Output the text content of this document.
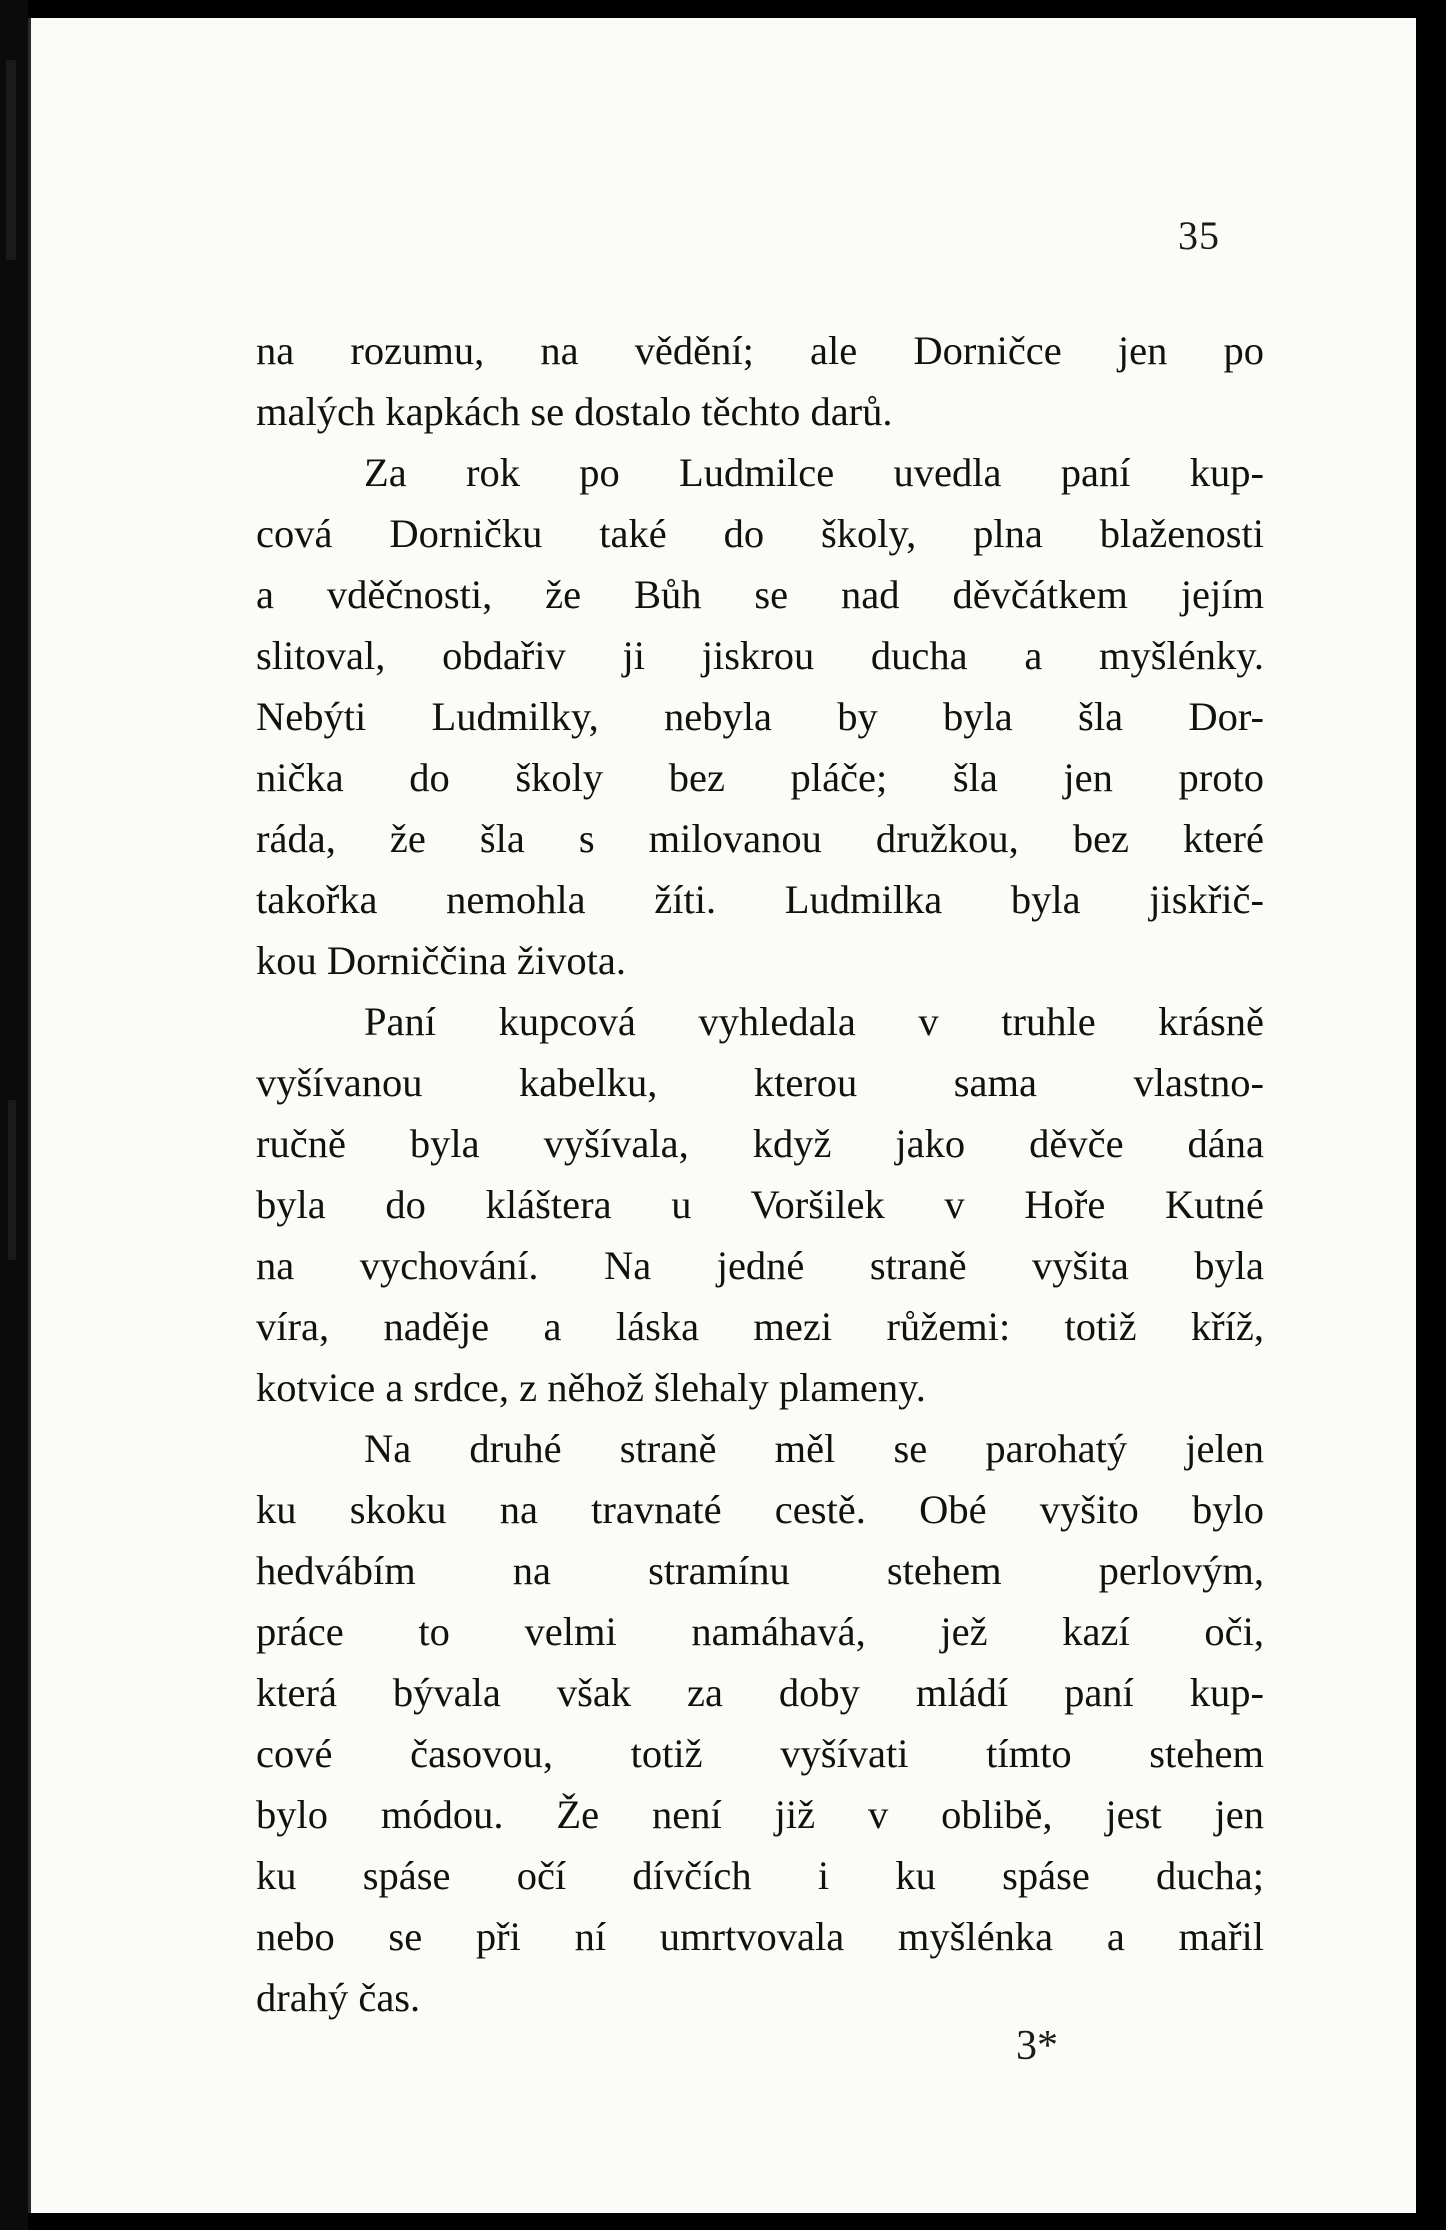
35
na rozumu, na vědění; ale Dorničce jen po
malých kapkách se dostalo těchto darů.
Za rok po Ludmilce uvedla paní kup-
cová Dorničku také do školy, plna blaženosti
a vděčnosti, že Bůh se nad děvčátkem jejím
slitoval, obdařiv ji jiskrou ducha a myšlénky.
Nebýti Ludmilky, nebyla by byla šla Dor-
nička do školy bez pláče; šla jen proto
ráda, že šla s milovanou družkou, bez které
takořka nemohla žíti. Ludmilka byla jiskřič-
kou Dorniččina života.
Paní kupcová vyhledala v truhle krásně
vyšívanou kabelku, kterou sama vlastno-
ručně byla vyšívala, když jako děvče dána
byla do kláštera u Voršilek v Hoře Kutné
na vychování. Na jedné straně vyšita byla
víra, naděje a láska mezi růžemi: totiž kříž,
kotvice a srdce, z něhož šlehaly plameny.
Na druhé straně měl se parohatý jelen
ku skoku na travnaté cestě. Obé vyšito bylo
hedvábím na stramínu stehem perlovým,
práce to velmi namáhavá, jež kazí oči,
která bývala však za doby mládí paní kup-
cové časovou, totiž vyšívati tímto stehem
bylo módou. Že není již v oblibě, jest jen
ku spáse očí dívčích i ku spáse ducha;
nebo se při ní umrtvovala myšlénka a mařil
drahý čas.
3*
